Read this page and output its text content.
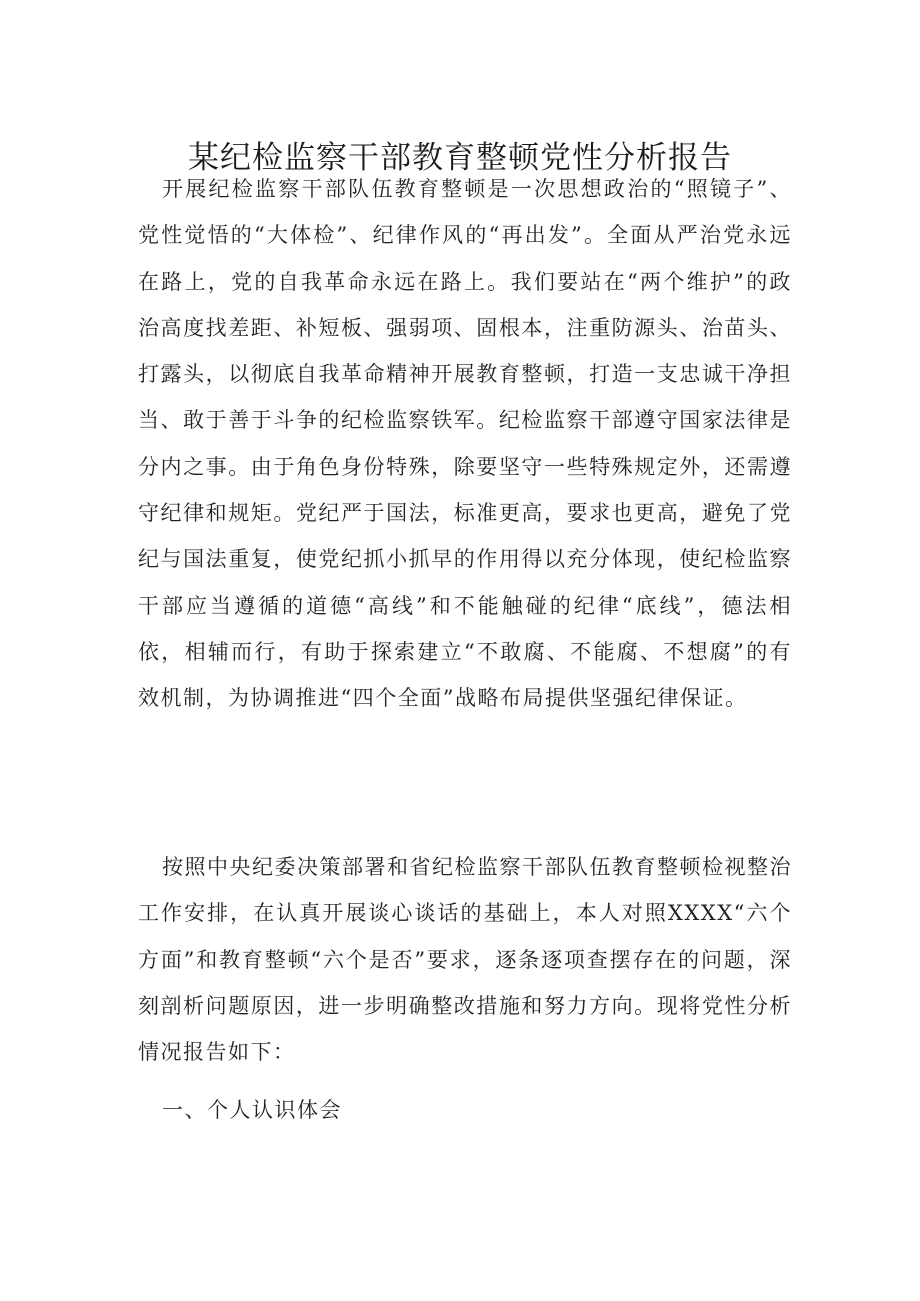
某纪检监察干部教育整顿党性分析报告

开展纪检监察干部队伍教育整顿是一次思想政治的“照镜子”、党性觉悟的“大体检”、纪律作风的“再出发”。全面从严治党永远在路上，党的自我革命永远在路上。我们要站在“两个维护”的政治高度找差距、补短板、强弱项、固根本，注重防源头、治苗头、打露头，以彻底自我革命精神开展教育整顿，打造一支忠诚干净担当、敢于善于斗争的纪检监察铁军。纪检监察干部遵守国家法律是分内之事。由于角色身份特殊，除要坚守一些特殊规定外，还需遵守纪律和规矩。党纪严于国法，标准更高，要求也更高，避免了党纪与国法重复，使党纪抓小抓早的作用得以充分体现，使纪检监察干部应当遵循的道德“高线”和不能触碰的纪律“底线”，德法相依，相辅而行，有助于探索建立“不敢腐、不能腐、不想腐”的有效机制，为协调推进“四个全面”战略布局提供坚强纪律保证。

按照中央纪委决策部署和省纪检监察干部队伍教育整顿检视整治工作安排，在认真开展谈心谈话的基础上，本人对照XXXX“六个方面”和教育整顿“六个是否”要求，逐条逐项查摆存在的问题，深刻剖析问题原因，进一步明确整改措施和努力方向。现将党性分析情况报告如下：

一、个人认识体会
